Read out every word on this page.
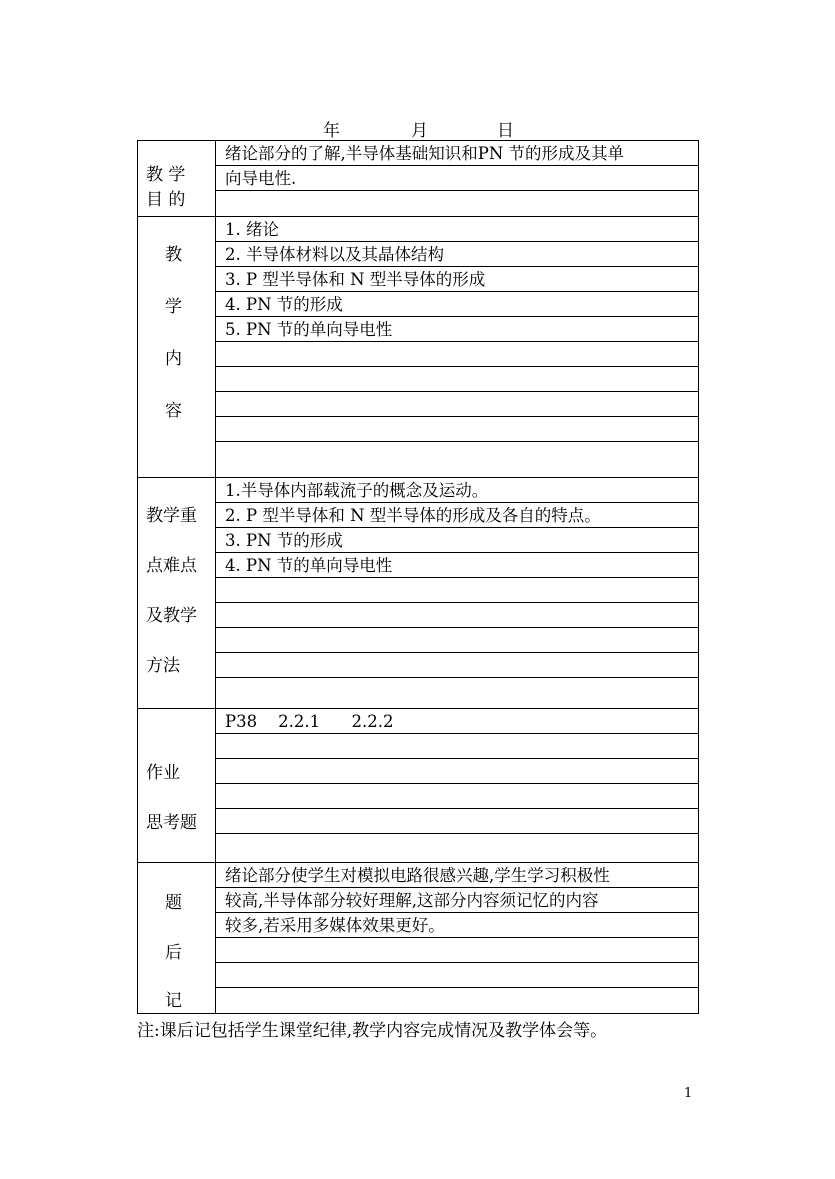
年	月	日
教 学
目 的
绪论部分的了解,半导体基础知识和PN 节的形成及其单
向导电性.
教
学
内
容
1. 绪论
2. 半导体材料以及其晶体结构
3. P 型半导体和 N 型半导体的形成
4. PN 节的形成
5. PN 节的单向导电性
教学重
点难点
及教学
方法
1.半导体内部载流子的概念及运动。
2. P 型半导体和 N 型半导体的形成及各自的特点。
3. PN 节的形成
4. PN 节的单向导电性
作业
思考题
P38    2.2.1      2.2.2
题
后
记
绪论部分使学生对模拟电路很感兴趣,学生学习积极性
较高,半导体部分较好理解,这部分内容须记忆的内容
较多,若采用多媒体效果更好。
注:课后记包括学生课堂纪律,教学内容完成情况及教学体会等。
1
